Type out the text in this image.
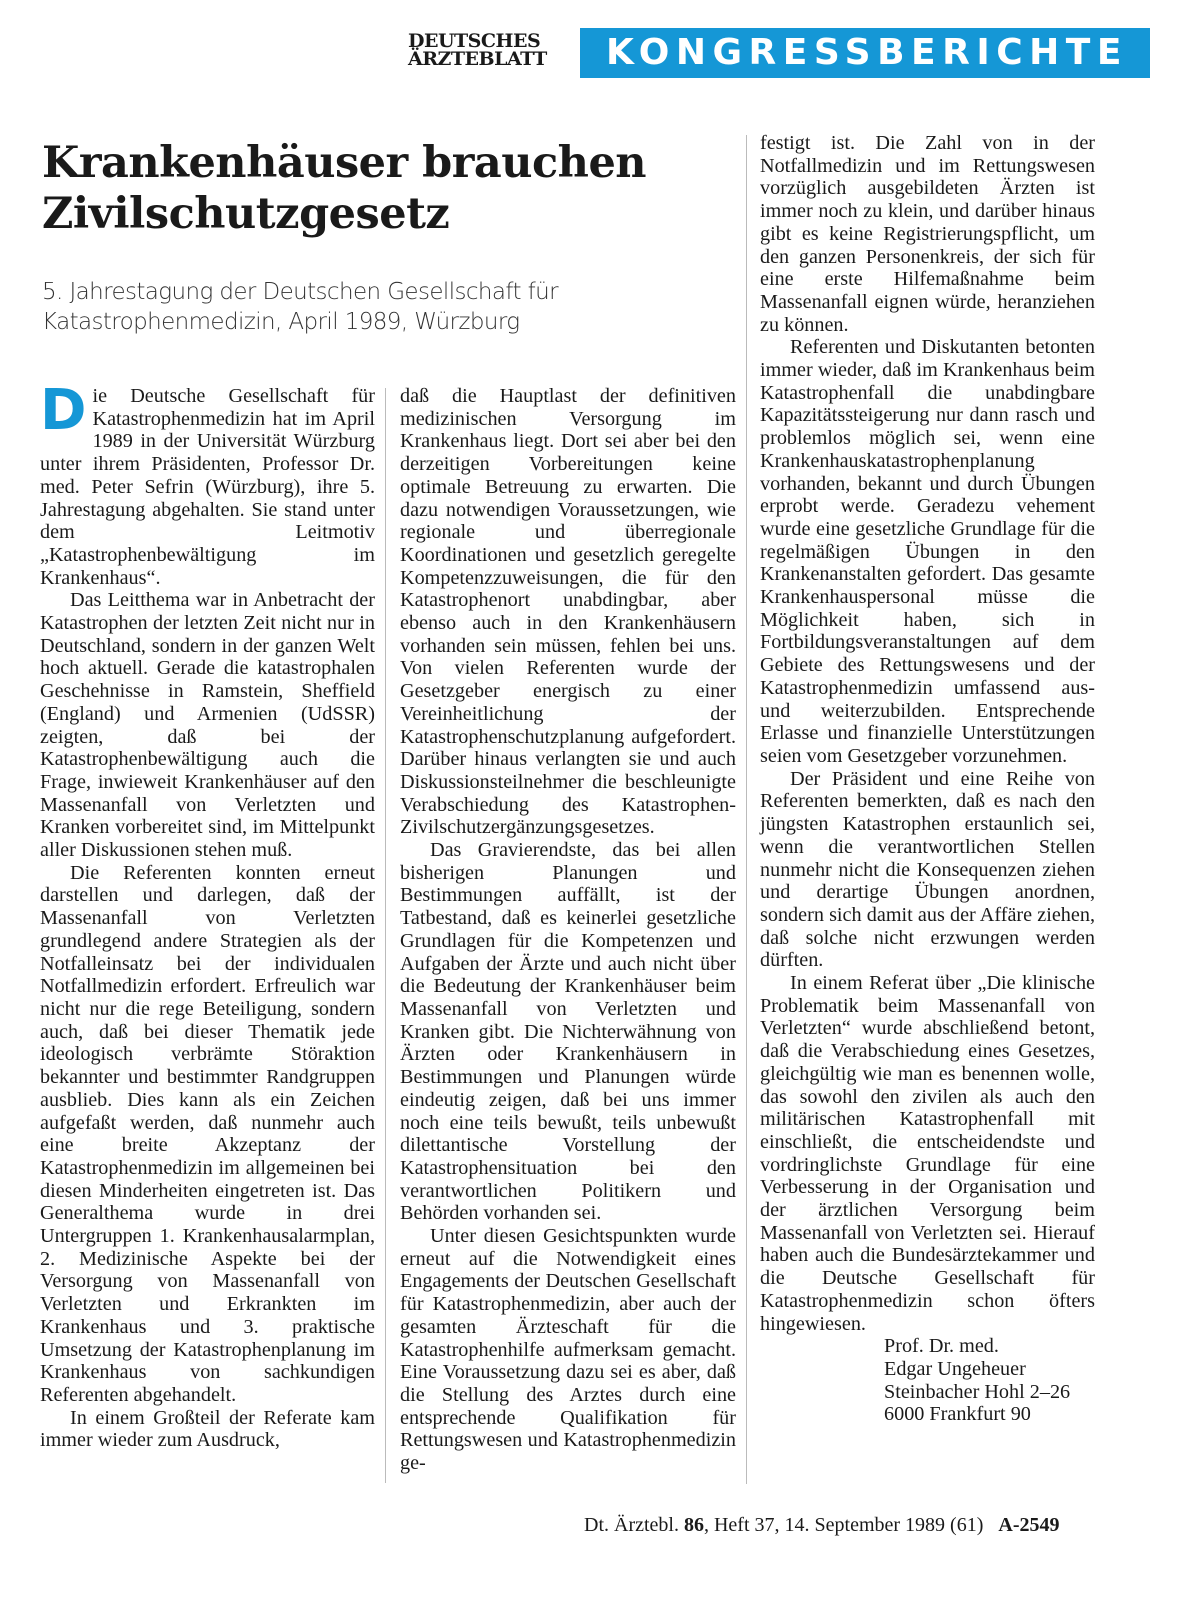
DEUTSCHES
ÄRZTEBLATT	KONGRESSBERICHTE
Krankenhäuser brauchen Zivilschutzgesetz
5. Jahrestagung der Deutschen Gesellschaft für Katastrophenmedizin, April 1989, Würzburg

Die Deutsche Gesellschaft für Katastrophenmedizin hat im April 1989 in der Universität Würzburg unter ihrem Präsidenten, Professor Dr. med. Peter Sefrin (Würzburg), ihre 5. Jahrestagung abgehalten. Sie stand unter dem Leitmotiv „Katastrophenbewältigung im Krankenhaus“.

Das Leitthema war in Anbetracht der Katastrophen der letzten Zeit nicht nur in Deutschland, sondern in der ganzen Welt hoch aktuell. Gerade die katastrophalen Geschehnisse in Ramstein, Sheffield (England) und Armenien (UdSSR) zeigten, daß bei der Katastrophenbewältigung auch die Frage, inwieweit Krankenhäuser auf den Massenanfall von Verletzten und Kranken vorbereitet sind, im Mittelpunkt aller Diskussionen stehen muß.

Die Referenten konnten erneut darstellen und darlegen, daß der Massenanfall von Verletzten grundlegend andere Strategien als der Notfalleinsatz bei der individualen Notfallmedizin erfordert. Erfreulich war nicht nur die rege Beteiligung, sondern auch, daß bei dieser Thematik jede ideologisch verbrämte Störaktion bekannter und bestimmter Randgruppen ausblieb. Dies kann als ein Zeichen aufgefaßt werden, daß nunmehr auch eine breite Akzeptanz der Katastrophenmedizin im allgemeinen bei diesen Minderheiten eingetreten ist. Das Generalthema wurde in drei Untergruppen 1. Krankenhausalarmplan, 2. Medizinische Aspekte bei der Versorgung von Massenanfall von Verletzten und Erkrankten im Krankenhaus und 3. praktische Umsetzung der Katastrophenplanung im Krankenhaus von sachkundigen Referenten abgehandelt.

In einem Großteil der Referate kam immer wieder zum Ausdruck,

daß die Hauptlast der definitiven medizinischen Versorgung im Krankenhaus liegt. Dort sei aber bei den derzeitigen Vorbereitungen keine optimale Betreuung zu erwarten. Die dazu notwendigen Voraussetzungen, wie regionale und überregionale Koordinationen und gesetzlich geregelte Kompetenzzuweisungen, die für den Katastrophenort unabdingbar, aber ebenso auch in den Krankenhäusern vorhanden sein müssen, fehlen bei uns. Von vielen Referenten wurde der Gesetzgeber energisch zu einer Vereinheitlichung der Katastrophenschutzplanung aufgefordert. Darüber hinaus verlangten sie und auch Diskussionsteilnehmer die beschleunigte Verabschiedung des Katastrophen-Zivilschutzergänzungsgesetzes.

Das Gravierendste, das bei allen bisherigen Planungen und Bestimmungen auffällt, ist der Tatbestand, daß es keinerlei gesetzliche Grundlagen für die Kompetenzen und Aufgaben der Ärzte und auch nicht über die Bedeutung der Krankenhäuser beim Massenanfall von Verletzten und Kranken gibt. Die Nichterwähnung von Ärzten oder Krankenhäusern in Bestimmungen und Planungen würde eindeutig zeigen, daß bei uns immer noch eine teils bewußt, teils unbewußt dilettantische Vorstellung der Katastrophensituation bei den verantwortlichen Politikern und Behörden vorhanden sei.

Unter diesen Gesichtspunkten wurde erneut auf die Notwendigkeit eines Engagements der Deutschen Gesellschaft für Katastrophenmedizin, aber auch der gesamten Ärzteschaft für die Katastrophenhilfe aufmerksam gemacht. Eine Voraussetzung dazu sei es aber, daß die Stellung des Arztes durch eine entsprechende Qualifikation für Rettungswesen und Katastrophenmedizin ge-

festigt ist. Die Zahl von in der Notfallmedizin und im Rettungswesen vorzüglich ausgebildeten Ärzten ist immer noch zu klein, und darüber hinaus gibt es keine Registrierungspflicht, um den ganzen Personenkreis, der sich für eine erste Hilfemaßnahme beim Massenanfall eignen würde, heranziehen zu können.

Referenten und Diskutanten betonten immer wieder, daß im Krankenhaus beim Katastrophenfall die unabdingbare Kapazitätssteigerung nur dann rasch und problemlos möglich sei, wenn eine Krankenhauskatastrophenplanung vorhanden, bekannt und durch Übungen erprobt werde. Geradezu vehement wurde eine gesetzliche Grundlage für die regelmäßigen Übungen in den Krankenanstalten gefordert. Das gesamte Krankenhauspersonal müsse die Möglichkeit haben, sich in Fortbildungsveranstaltungen auf dem Gebiete des Rettungswesens und der Katastrophenmedizin umfassend aus- und weiterzubilden. Entsprechende Erlasse und finanzielle Unterstützungen seien vom Gesetzgeber vorzunehmen.

Der Präsident und eine Reihe von Referenten bemerkten, daß es nach den jüngsten Katastrophen erstaunlich sei, wenn die verantwortlichen Stellen nunmehr nicht die Konsequenzen ziehen und derartige Übungen anordnen, sondern sich damit aus der Affäre ziehen, daß solche nicht erzwungen werden dürften.

In einem Referat über „Die klinische Problematik beim Massenanfall von Verletzten“ wurde abschließend betont, daß die Verabschiedung eines Gesetzes, gleichgültig wie man es benennen wolle, das sowohl den zivilen als auch den militärischen Katastrophenfall mit einschließt, die entscheidendste und vordringlichste Grundlage für eine Verbesserung in der Organisation und der ärztlichen Versorgung beim Massenanfall von Verletzten sei. Hierauf haben auch die Bundesärztekammer und die Deutsche Gesellschaft für Katastrophenmedizin schon öfters hingewiesen.

Prof. Dr. med.
Edgar Ungeheuer
Steinbacher Hohl 2–26
6000 Frankfurt 90
Dt. Ärztebl. 86, Heft 37, 14. September 1989 (61) A-2549
